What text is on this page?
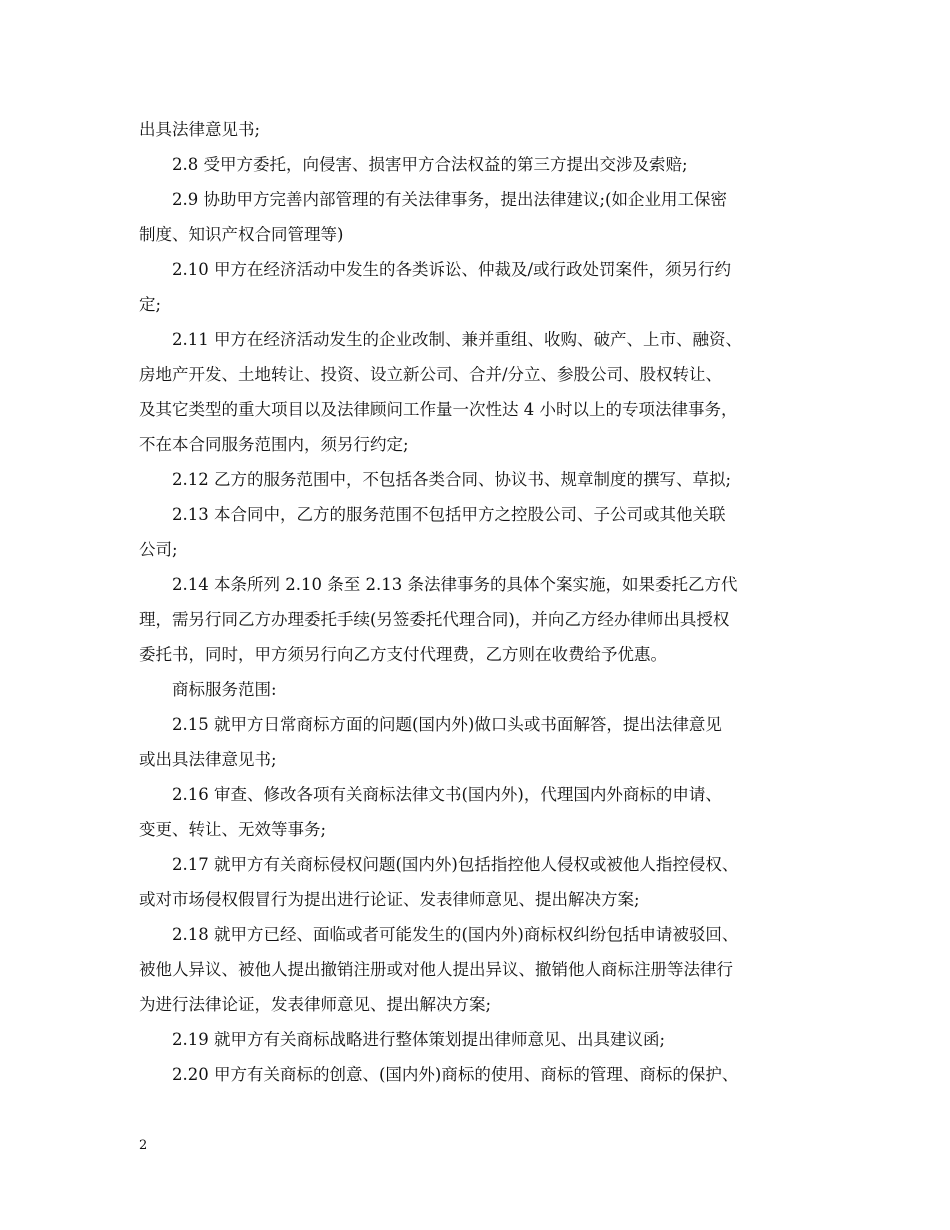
出具法律意见书;
2.8 受甲方委托，向侵害、损害甲方合法权益的第三方提出交涉及索赔;
2.9 协助甲方完善内部管理的有关法律事务，提出法律建议;(如企业用工保密
制度、知识产权合同管理等)
2.10 甲方在经济活动中发生的各类诉讼、仲裁及/或行政处罚案件，须另行约
定;
2.11 甲方在经济活动发生的企业改制、兼并重组、收购、破产、上市、融资、
房地产开发、土地转让、投资、设立新公司、合并/分立、参股公司、股权转让、
及其它类型的重大项目以及法律顾问工作量一次性达 4 小时以上的专项法律事务，
不在本合同服务范围内，须另行约定;
2.12 乙方的服务范围中，不包括各类合同、协议书、规章制度的撰写、草拟;
2.13 本合同中，乙方的服务范围不包括甲方之控股公司、子公司或其他关联
公司;
2.14 本条所列 2.10 条至 2.13 条法律事务的具体个案实施，如果委托乙方代
理，需另行同乙方办理委托手续(另签委托代理合同)，并向乙方经办律师出具授权
委托书，同时，甲方须另行向乙方支付代理费，乙方则在收费给予优惠。
商标服务范围:
2.15 就甲方日常商标方面的问题(国内外)做口头或书面解答，提出法律意见
或出具法律意见书;
2.16 审查、修改各项有关商标法律文书(国内外)，代理国内外商标的申请、
变更、转让、无效等事务;
2.17 就甲方有关商标侵权问题(国内外)包括指控他人侵权或被他人指控侵权、
或对市场侵权假冒行为提出进行论证、发表律师意见、提出解决方案;
2.18 就甲方已经、面临或者可能发生的(国内外)商标权纠纷包括申请被驳回、
被他人异议、被他人提出撤销注册或对他人提出异议、撤销他人商标注册等法律行
为进行法律论证，发表律师意见、提出解决方案;
2.19 就甲方有关商标战略进行整体策划提出律师意见、出具建议函;
2.20 甲方有关商标的创意、(国内外)商标的使用、商标的管理、商标的保护、
2
